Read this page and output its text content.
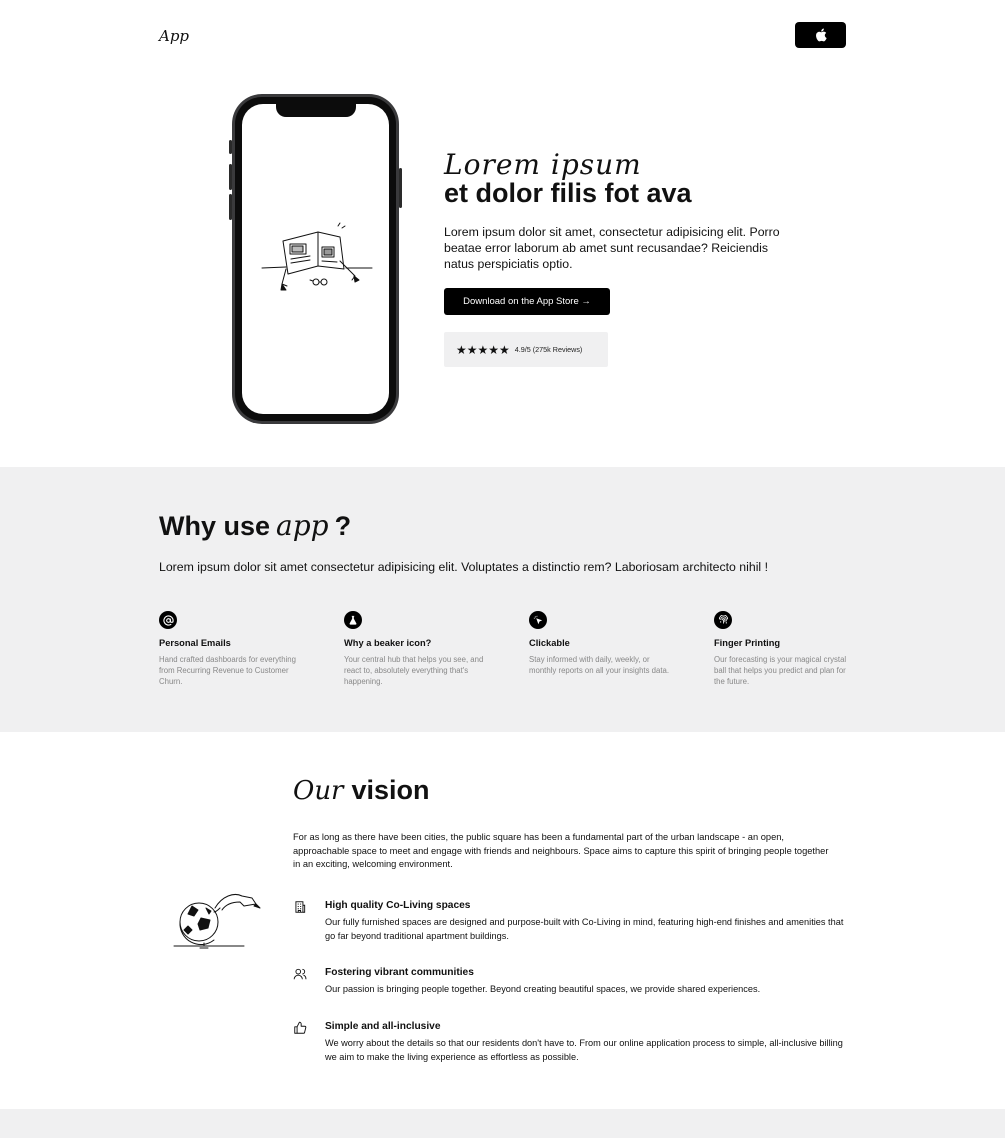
App
Lorem ipsum
et dolor filis fot ava
Lorem ipsum dolor sit amet, consectetur adipisicing elit. Porro beatae error laborum ab amet sunt recusandae? Reiciendis natus perspiciatis optio.
Download on the App Store →
★★★★★ 4.9/5 (275k Reviews)
Why use app ?
Lorem ipsum dolor sit amet consectetur adipisicing elit. Voluptates a distinctio rem? Laboriosam architecto nihil !
Personal Emails
Hand crafted dashboards for everything from Recurring Revenue to Customer Churn.
Why a beaker icon?
Your central hub that helps you see, and react to, absolutely everything that's happening.
Clickable
Stay informed with daily, weekly, or monthly reports on all your insights data.
Finger Printing
Our forecasting is your magical crystal ball that helps you predict and plan for the future.
Our vision
For as long as there have been cities, the public square has been a fundamental part of the urban landscape - an open, approachable space to meet and engage with friends and neighbours. Space aims to capture this spirit of bringing people together in an exciting, welcoming environment.
High quality Co-Living spaces
Our fully furnished spaces are designed and purpose-built with Co-Living in mind, featuring high-end finishes and amenities that go far beyond traditional apartment buildings.
Fostering vibrant communities
Our passion is bringing people together. Beyond creating beautiful spaces, we provide shared experiences.
Simple and all-inclusive
We worry about the details so that our residents don't have to. From our online application process to simple, all-inclusive billing we aim to make the living experience as effortless as possible.
